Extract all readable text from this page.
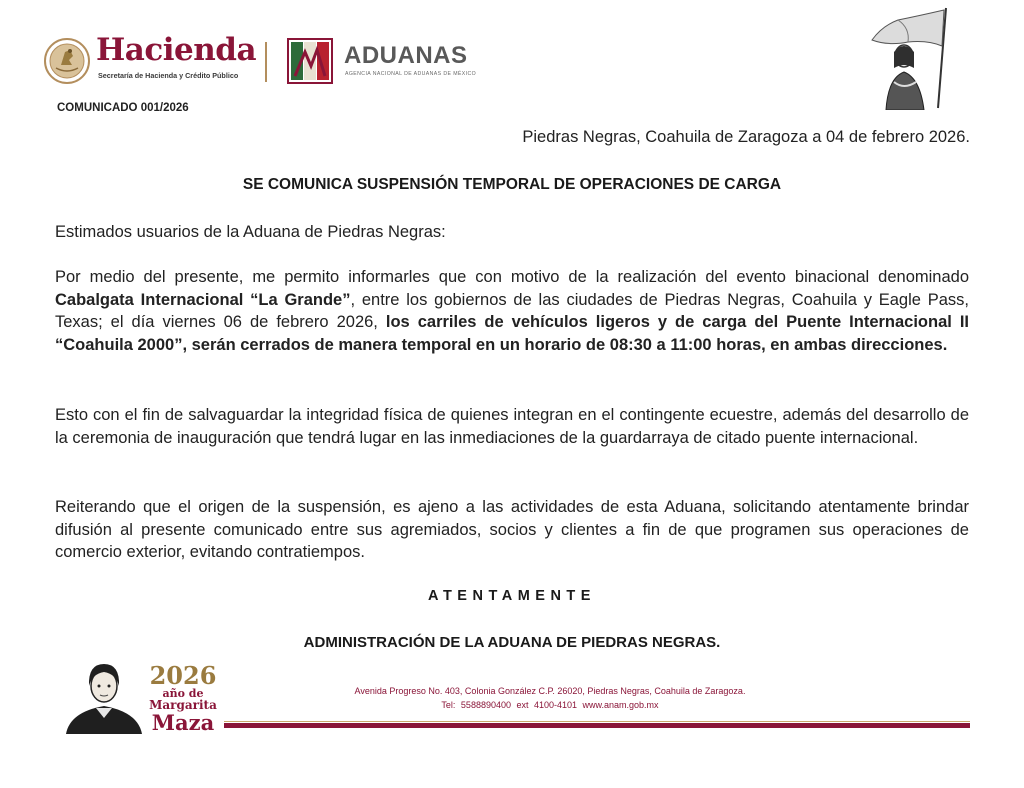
Hacienda
Secretaría de Hacienda y Crédito Público
ADUANAS
AGENCIA NACIONAL DE ADUANAS DE MÉXICO
COMUNICADO 001/2026
Piedras Negras, Coahuila de Zaragoza a 04 de febrero 2026.
SE COMUNICA SUSPENSIÓN TEMPORAL DE OPERACIONES DE CARGA
Estimados usuarios de la Aduana de Piedras Negras:
Por medio del presente, me permito informarles que con motivo de la realización del evento binacional denominado Cabalgata Internacional “La Grande”, entre los gobiernos de las ciudades de Piedras Negras, Coahuila y Eagle Pass, Texas; el día viernes 06 de febrero 2026, los carriles de vehículos ligeros y de carga del Puente Internacional II “Coahuila 2000”, serán cerrados de manera temporal en un horario de 08:30 a 11:00 horas, en ambas direcciones.
Esto con el fin de salvaguardar la integridad física de quienes integran en el contingente ecuestre, además del desarrollo de la ceremonia de inauguración que tendrá lugar en las inmediaciones de la guardarraya de citado puente internacional.
Reiterando que el origen de la suspensión, es ajeno a las actividades de esta Aduana, solicitando atentamente brindar difusión al presente comunicado entre sus agremiados, socios y clientes a fin de que programen sus operaciones de comercio exterior, evitando contratiempos.
ATENTAMENTE
ADMINISTRACIÓN DE LA ADUANA DE PIEDRAS NEGRAS.
2026
año de
Margarita
Maza
Avenida Progreso No. 403, Colonia González C.P. 26020, Piedras Negras, Coahuila de Zaragoza.
Tel: 5588890400 ext 4100-4101 www.anam.gob.mx
